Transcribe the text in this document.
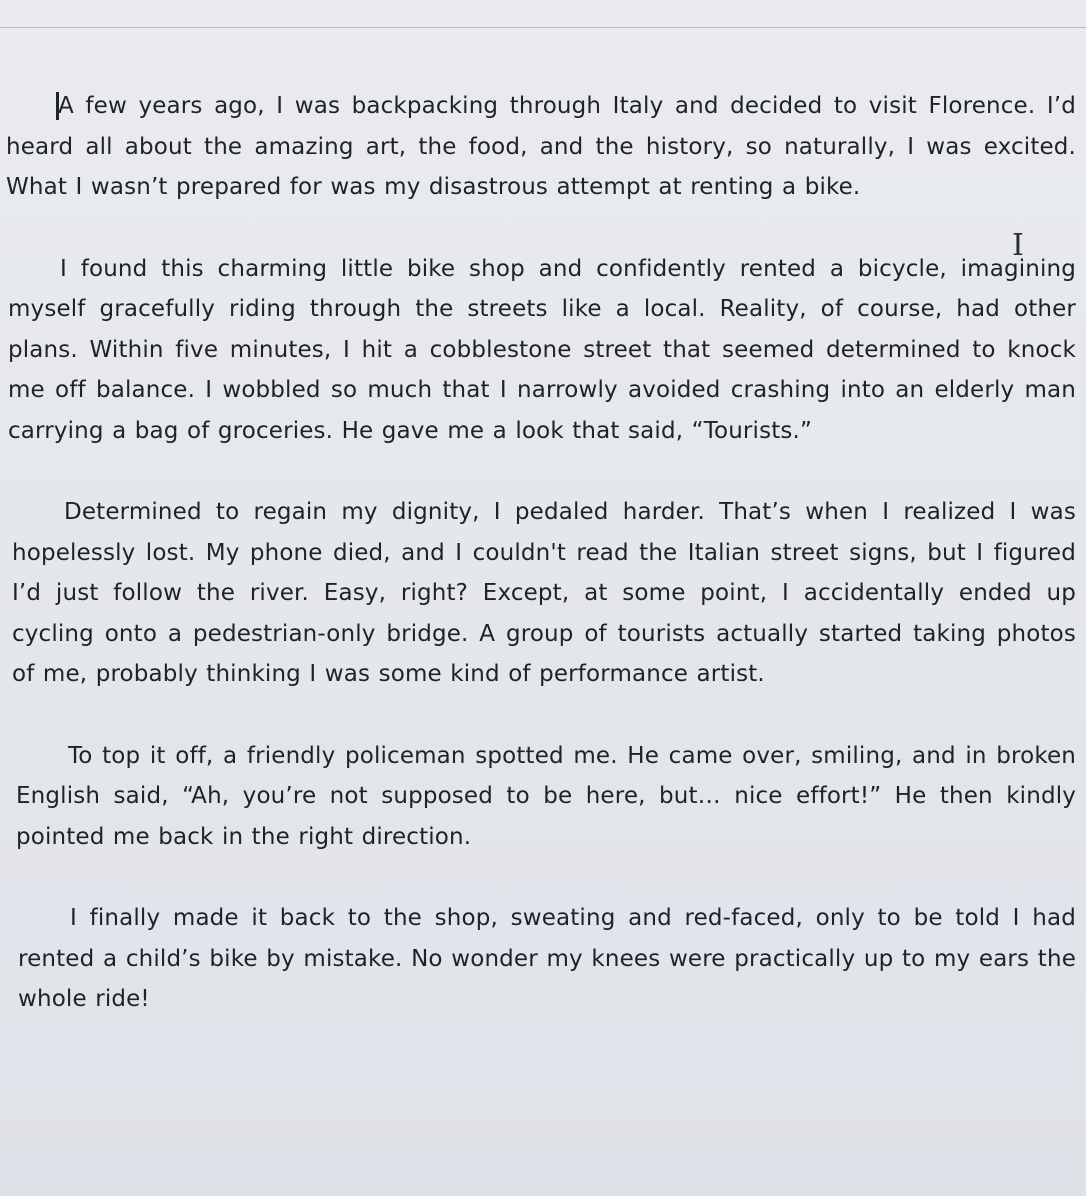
A few years ago, I was backpacking through Italy and decided to visit Florence. I’d heard all about the amazing art, the food, and the history, so naturally, I was excited. What I wasn’t prepared for was my disastrous attempt at renting a bike.

I found this charming little bike shop and confidently rented a bicycle, imagining myself gracefully riding through the streets like a local. Reality, of course, had other plans. Within five minutes, I hit a cobblestone street that seemed determined to knock me off balance. I wobbled so much that I narrowly avoided crashing into an elderly man carrying a bag of groceries. He gave me a look that said, “Tourists.”

Determined to regain my dignity, I pedaled harder. That’s when I realized I was hopelessly lost. My phone died, and I couldn't read the Italian street signs, but I figured I’d just follow the river. Easy, right? Except, at some point, I accidentally ended up cycling onto a pedestrian-only bridge. A group of tourists actually started taking photos of me, probably thinking I was some kind of performance artist.

To top it off, a friendly policeman spotted me. He came over, smiling, and in broken English said, “Ah, you’re not supposed to be here, but… nice effort!” He then kindly pointed me back in the right direction.

I finally made it back to the shop, sweating and red-faced, only to be told I had rented a child’s bike by mistake. No wonder my knees were practically up to my ears the whole ride!

I
